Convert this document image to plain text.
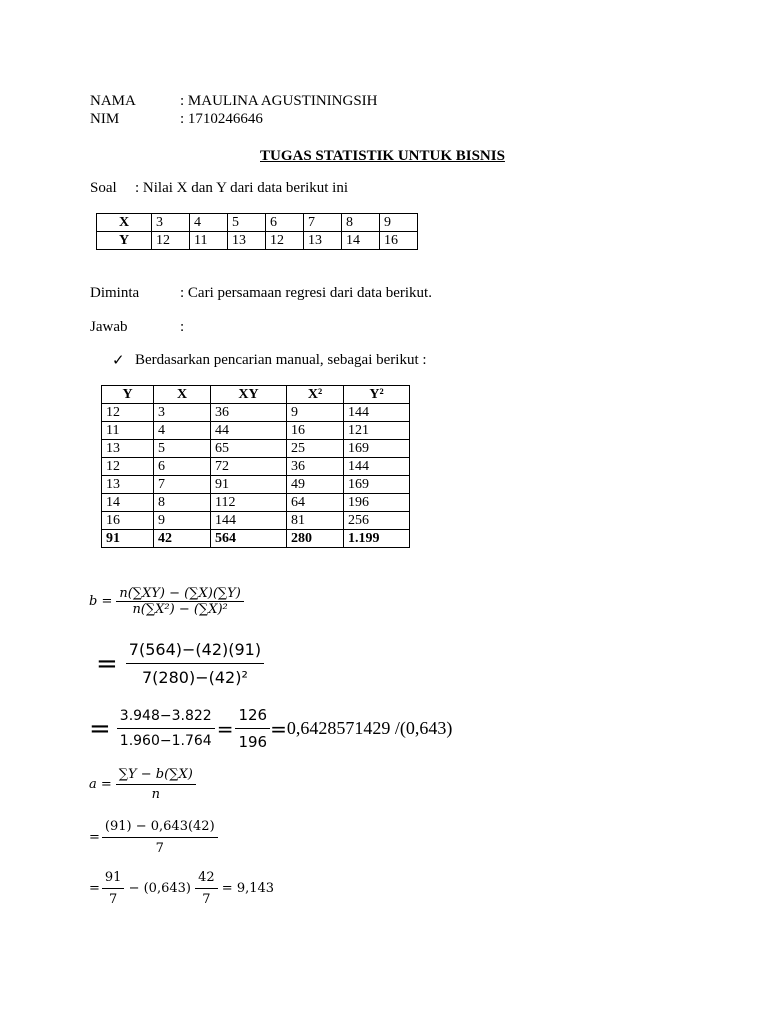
NAMA	: MAULINA AGUSTININGSIH
NIM	: 1710246646
TUGAS STATISTIK UNTUK BISNIS
Soal : Nilai X dan Y dari data berikut ini
X	3	4	5	6	7	8	9
Y	12	11	13	12	13	14	16
Diminta	: Cari persamaan regresi dari data berikut.
Jawab	:
✓ Berdasarkan pencarian manual, sebagai berikut :
Y	X	XY	X²	Y²
12	3	36	9	144
11	4	44	16	121
13	5	65	25	169
12	6	72	36	144
13	7	91	49	169
14	8	112	64	196
16	9	144	81	256
91	42	564	280	1.199
$b = \frac{n(\sum XY) - (\sum X)(\sum Y)}{\text{n(∑X²) − (∑X)²}}$
= $\frac{7(564)-(42)(91)}{\text{7(280)−(42)²}}$
= $\frac{3.948-3.822}{1.960-1.764} = \frac{126}{196} = 0,6428571429$ /(0,643)
$a = \frac{\sum Y - b(\sum X)}{n}$
= $\frac{(91) - 0,643(42)}{7}$
= $\frac{91}{7} - (0,643) \frac{42}{7} = 9,143$
